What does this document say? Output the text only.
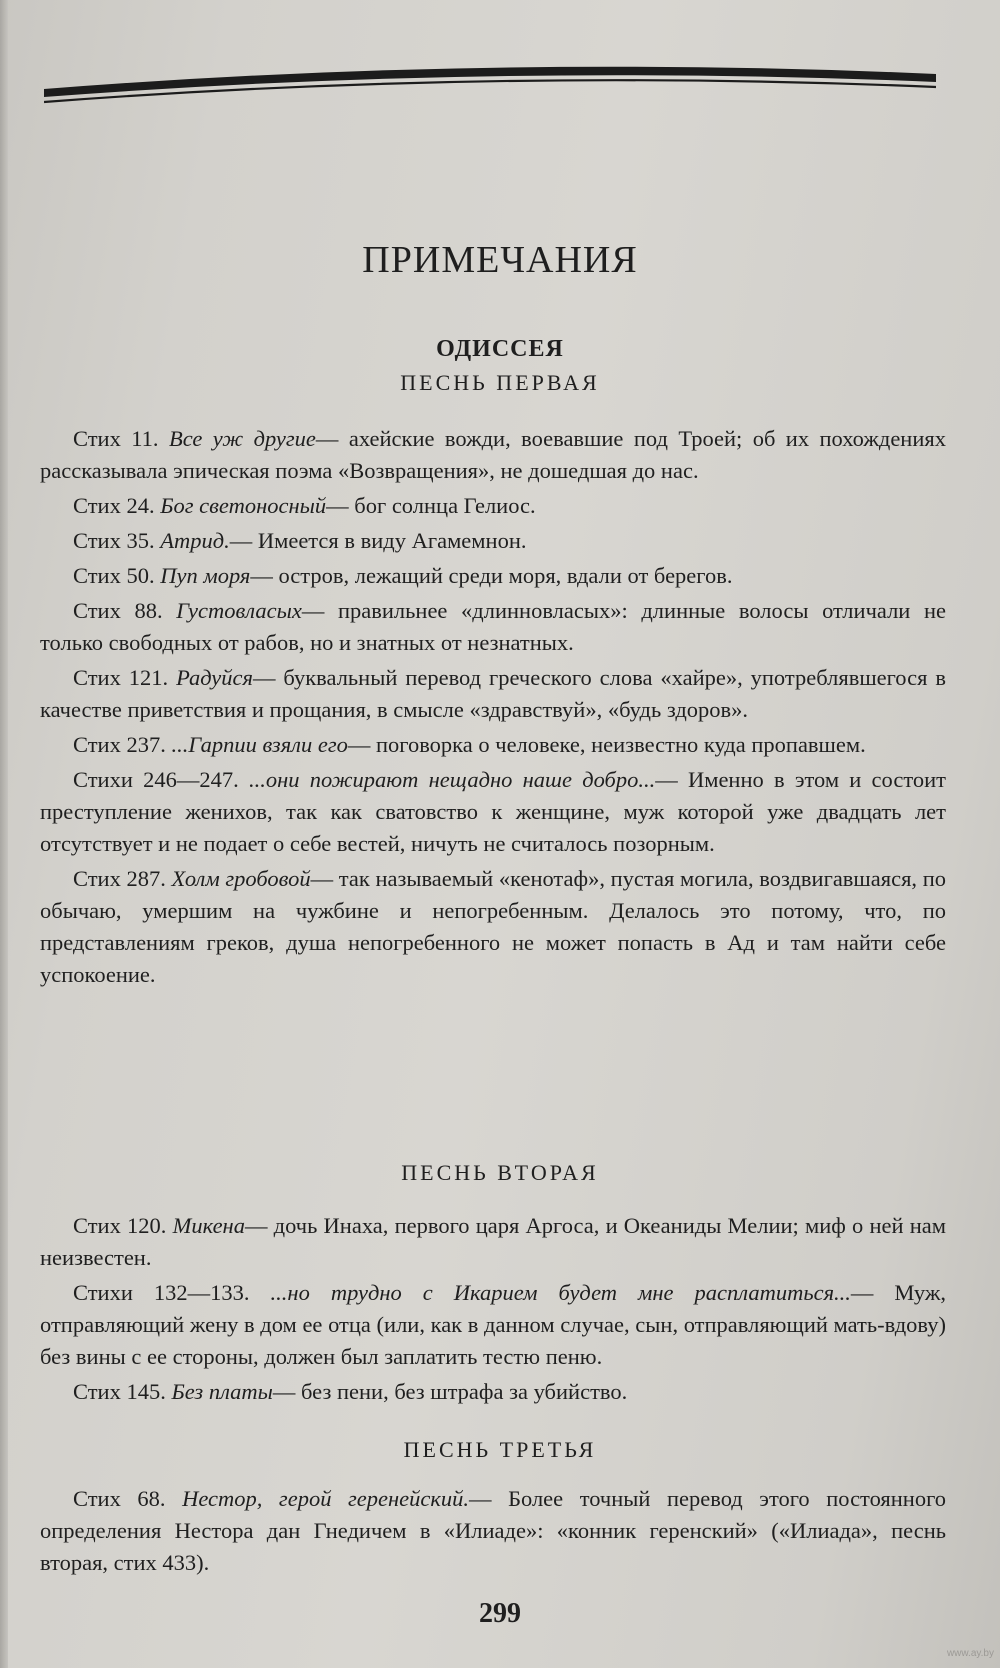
ПРИМЕЧАНИЯ
ОДИССЕЯ
ПЕСНЬ ПЕРВАЯ

Стих 11. Все уж другие— ахейские вожди, воевавшие под Троей; об их похождениях рассказывала эпическая поэма «Возвращения», не дошедшая до нас.

Стих 24. Бог светоносный— бог солнца Гелиос.

Стих 35. Атрид.— Имеется в виду Агамемнон.

Стих 50. Пуп моря— остров, лежащий среди моря, вдали от берегов.

Стих 88. Густовласых— правильнее «длинновласых»: длинные волосы отличали не только свободных от рабов, но и знатных от незнатных.

Стих 121. Радуйся— буквальный перевод греческого слова «хайре», употреблявшегося в качестве приветствия и прощания, в смысле «здравствуй», «будь здоров».

Стих 237. ...Гарпии взяли его— поговорка о человеке, неизвестно куда пропавшем.

Стихи 246—247. ...они пожирают нещадно наше добро...— Именно в этом и состоит преступление женихов, так как сватовство к женщине, муж которой уже двадцать лет отсутствует и не подает о себе вестей, ничуть не считалось позорным.

Стих 287. Холм гробовой— так называемый «кенотаф», пустая могила, воздвигавшаяся, по обычаю, умершим на чужбине и непогребенным. Делалось это потому, что, по представлениям греков, душа непогребенного не может попасть в Ад и там найти себе успокоение.

ПЕСНЬ ВТОРАЯ

Стих 120. Микена— дочь Инаха, первого царя Аргоса, и Океаниды Мелии; миф о ней нам неизвестен.

Стихи 132—133. ...но трудно с Икарием будет мне расплатиться...— Муж, отправляющий жену в дом ее отца (или, как в данном случае, сын, отправляющий мать-вдову) без вины с ее стороны, должен был заплатить тестю пеню.

Стих 145. Без платы— без пени, без штрафа за убийство.

ПЕСНЬ ТРЕТЬЯ

Стих 68. Нестор, герой геренейский.— Более точный перевод этого постоянного определения Нестора дан Гнедичем в «Илиаде»: «конник геренский» («Илиада», песнь вторая, стих 433).

299
www.ay.by
